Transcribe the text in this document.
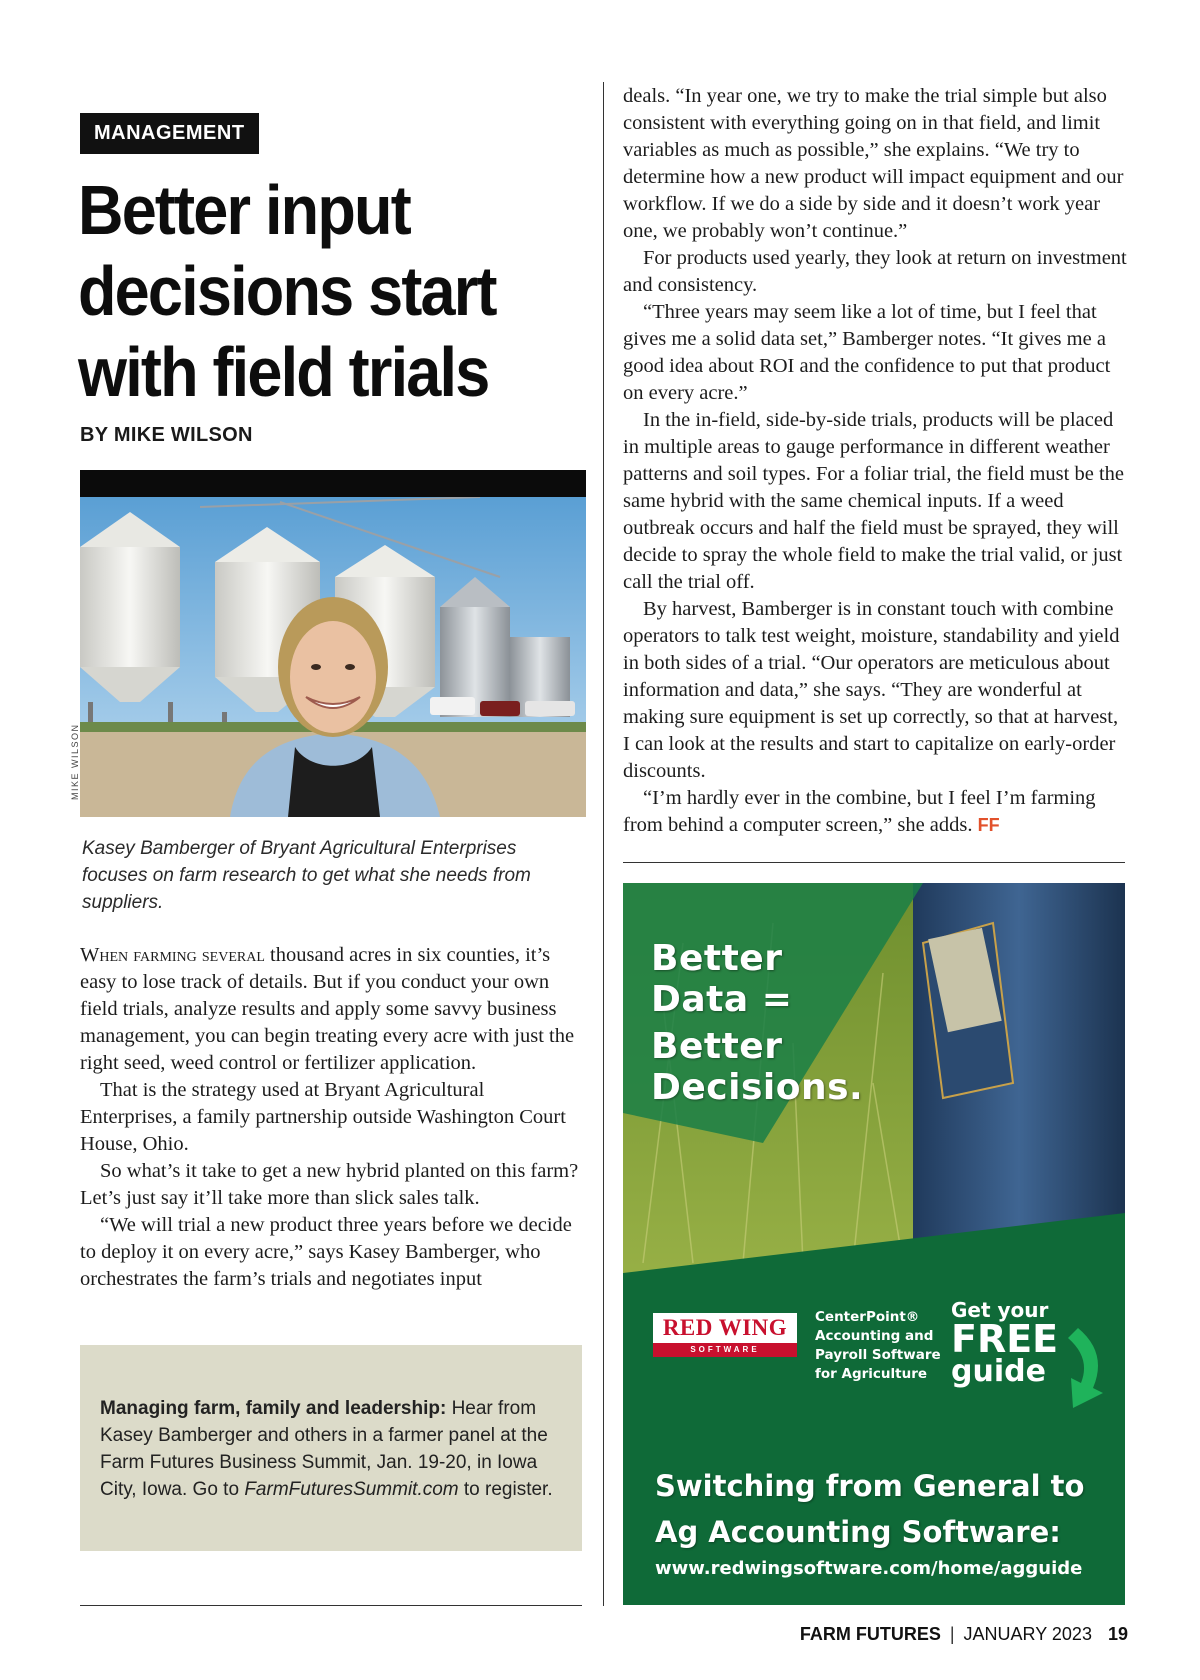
MANAGEMENT
Better input decisions start with field trials
BY MIKE WILSON
MIKE WILSON
Kasey Bamberger of Bryant Agricultural Enterprises focuses on farm research to get what she needs from suppliers.

When farming several thousand acres in six counties, it’s easy to lose track of details. But if you conduct your own field trials, analyze results and apply some savvy business management, you can begin treating every acre with just the right seed, weed control or fertilizer application.

That is the strategy used at Bryant Agricultural Enterprises, a family partnership outside Washington Court House, Ohio.

So what’s it take to get a new hybrid planted on this farm? Let’s just say it’ll take more than slick sales talk.

“We will trial a new product three years before we decide to deploy it on every acre,” says Kasey Bamberger, who orchestrates the farm’s trials and negotiates input

Managing farm, family and leadership: Hear from Kasey Bamberger and others in a farmer panel at the Farm Futures Business Summit, Jan. 19-20, in Iowa City, Iowa. Go to FarmFuturesSummit.com to register.

deals. “In year one, we try to make the trial simple but also consistent with everything going on in that field, and limit variables as much as possible,” she explains. “We try to determine how a new product will impact equipment and our workflow. If we do a side by side and it doesn’t work year one, we probably won’t continue.”

For products used yearly, they look at return on investment and consistency.

“Three years may seem like a lot of time, but I feel that gives me a solid data set,” Bamberger notes. “It gives me a good idea about ROI and the confidence to put that product on every acre.”

In the in-field, side-by-side trials, products will be placed in multiple areas to gauge performance in different weather patterns and soil types. For a foliar trial, the field must be the same hybrid with the same chemical inputs. If a weed outbreak occurs and half the field must be sprayed, they will decide to spray the whole field to make the trial valid, or just call the trial off.

By harvest, Bamberger is in constant touch with combine operators to talk test weight, moisture, standability and yield in both sides of a trial. “Our operators are meticulous about information and data,” she says. “They are wonderful at making sure equipment is set up correctly, so that at harvest, I can look at the results and start to capitalize on early-order discounts.

“I’m hardly ever in the combine, but I feel I’m farming from behind a computer screen,” she adds. FF

Better
Data =
Better
Decisions.
RED WING
SOFTWARE
CenterPoint®
Accounting and
Payroll Software
for Agriculture
Get your
FREE
guide
Switching from General to
Ag Accounting Software:
www.redwingsoftware.com/home/agguide
FARM FUTURES | JANUARY 2023 19
